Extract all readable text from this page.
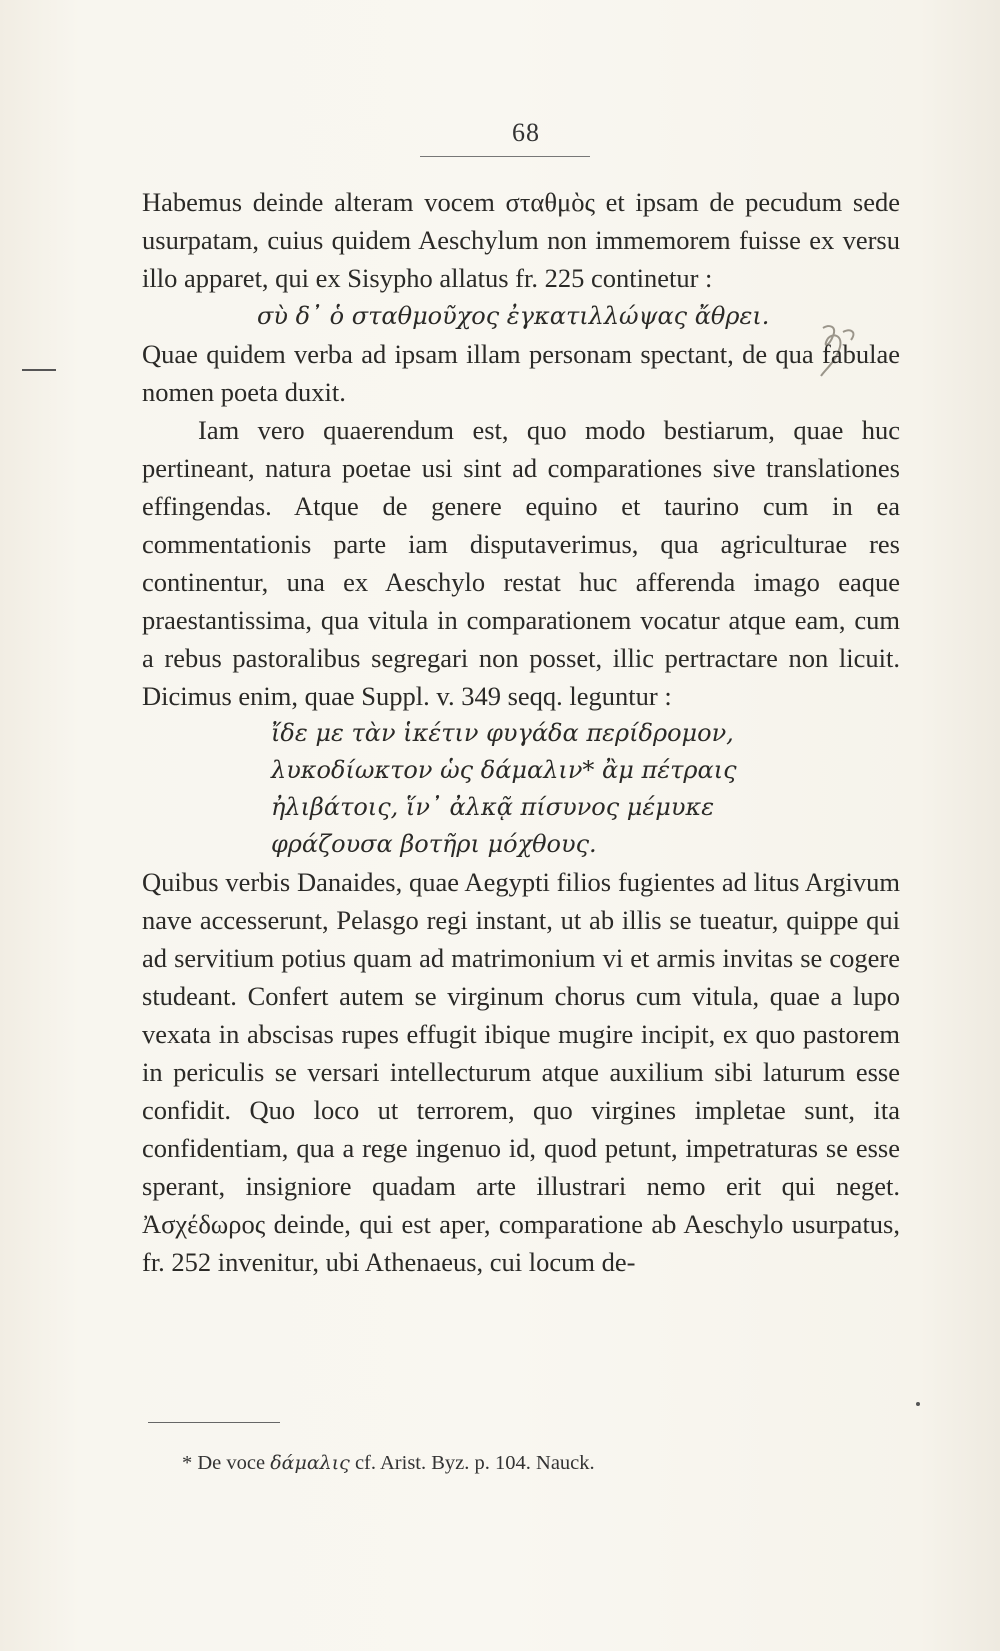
68

Habemus deinde alteram vocem σταθμὸς et ipsam de pecudum sede usurpatam, cuius quidem Aeschylum non immemorem fuisse ex versu illo apparet, qui ex Sisypho allatus fr. 225 continetur :

σὺ δ᾽ ὁ σταθμοῦχος ἐγκατιλλώψας ἄθρει.

Quae quidem verba ad ipsam illam personam spectant, de qua fabulae nomen poeta duxit.

Iam vero quaerendum est, quo modo bestiarum, quae huc pertineant, natura poetae usi sint ad comparationes sive translationes effingendas. Atque de genere equino et taurino cum in ea commentationis parte iam disputaverimus, qua agriculturae res continentur, una ex Aeschylo restat huc afferenda imago eaque praestantissima, qua vitula in comparationem vocatur atque eam, cum a rebus pastoralibus segregari non posset, illic pertractare non licuit. Dicimus enim, quae Suppl. v. 349 seqq. leguntur :

ἴδε με τὰν ἱκέτιν φυγάδα περίδρομον,

λυκοδίωκτον ὡς δάμαλιν* ἂμ πέτραις

ἠλιβάτοις, ἵν᾽ ἀλκᾷ πίσυνος μέμυκε

φράζουσα βοτῆρι μόχθους.

Quibus verbis Danaides, quae Aegypti filios fugientes ad litus Argivum nave accesserunt, Pelasgo regi instant, ut ab illis se tueatur, quippe qui ad servitium potius quam ad matrimonium vi et armis invitas se cogere studeant. Confert autem se virginum chorus cum vitula, quae a lupo vexata in abscisas rupes effugit ibique mugire incipit, ex quo pastorem in periculis se versari intellecturum atque auxilium sibi laturum esse confidit. Quo loco ut terrorem, quo virgines impletae sunt, ita confidentiam, qua a rege ingenuo id, quod petunt, impetraturas se esse sperant, insigniore quadam arte illustrari nemo erit qui neget. Ἀσχέδωρος deinde, qui est aper, comparatione ab Aeschylo usurpatus, fr. 252 invenitur, ubi Athenaeus, cui locum de-

* De voce δάμαλις cf. Arist. Byz. p. 104. Nauck.
